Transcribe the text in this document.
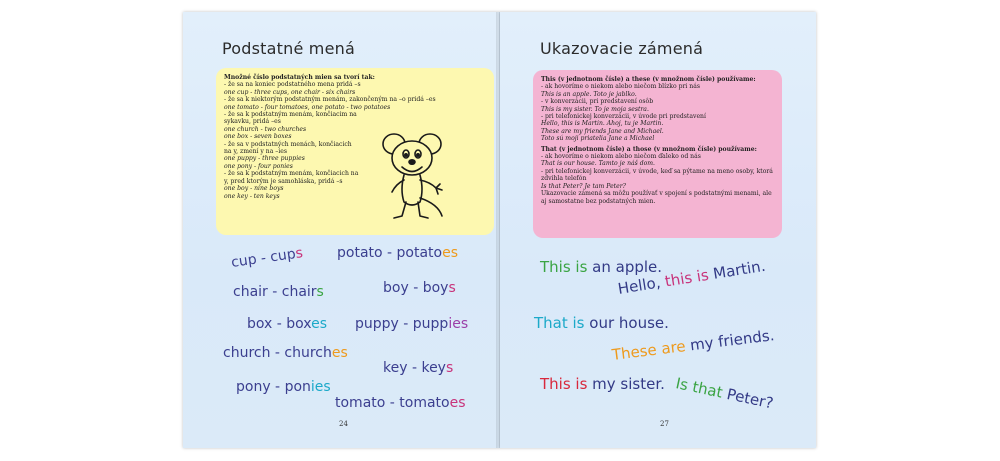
Podstatné mená
Množné číslo podstatných mien sa tvorí tak:
- že sa na koniec podstatného mena pridá –s
one cup - three cups, one chair - six chairs
- že sa k niektorým podstatným menám, zakončeným na –o pridá –es
one tomato - four tomatoes, one potato - two potatoes
- že sa k podstatným menám, končiacim na
sykavku, pridá –es
one church - two churches
one box - seven boxes
- že sa v podstatných menách, končiacich
na y, zmení y na –ies
one puppy - three puppies
one pony - four ponies
- že sa k podstatným menám, končiacich na
y, pred ktorým je samohláska, pridá –s
one boy - nine boys
one key - ten keys
cup - cups potato - potatoes
chair - chairs	boy - boys
box - boxes puppy - puppies
church - churches
key - keys
pony - ponies
tomato - tomatoes
24
Ukazovacie zámená
This (v jednotnom čísle) a these (v množnom čísle) používame:
- ak hovoríme o niekom alebo niečom blízko pri nás
This is an apple. Toto je jablko.
- v konverzácii, pri predstavení osôb
This is my sister. To je moja sestra.
- pri telefonickej konverzácii, v úvode pri predstavení
Hello, this is Martin. Ahoj, tu je Martin.
These are my friends Jane and Michael.
Toto sú moji priatelia Jane a Michael
That (v jednotnom čísle) a those (v množnom čísle) používame:
- ak hovoríme o niekom alebo niečom ďaleko od nás
That is our house. Tamto je náš dom.
- pri telefonickej konverzácii, v úvode, keď sa pýtame na meno osoby, ktorá
zdvihla telefón
Is that Peter? Je tam Peter?
Ukazovacie zámená sa môžu používať v spojení s podstatnými menami, ale
aj samostatne bez podstatných mien.
This is an apple.
Hello, this is Martin.
That is our house.
These are my friends.
This is my sister. Is that Peter?
27
